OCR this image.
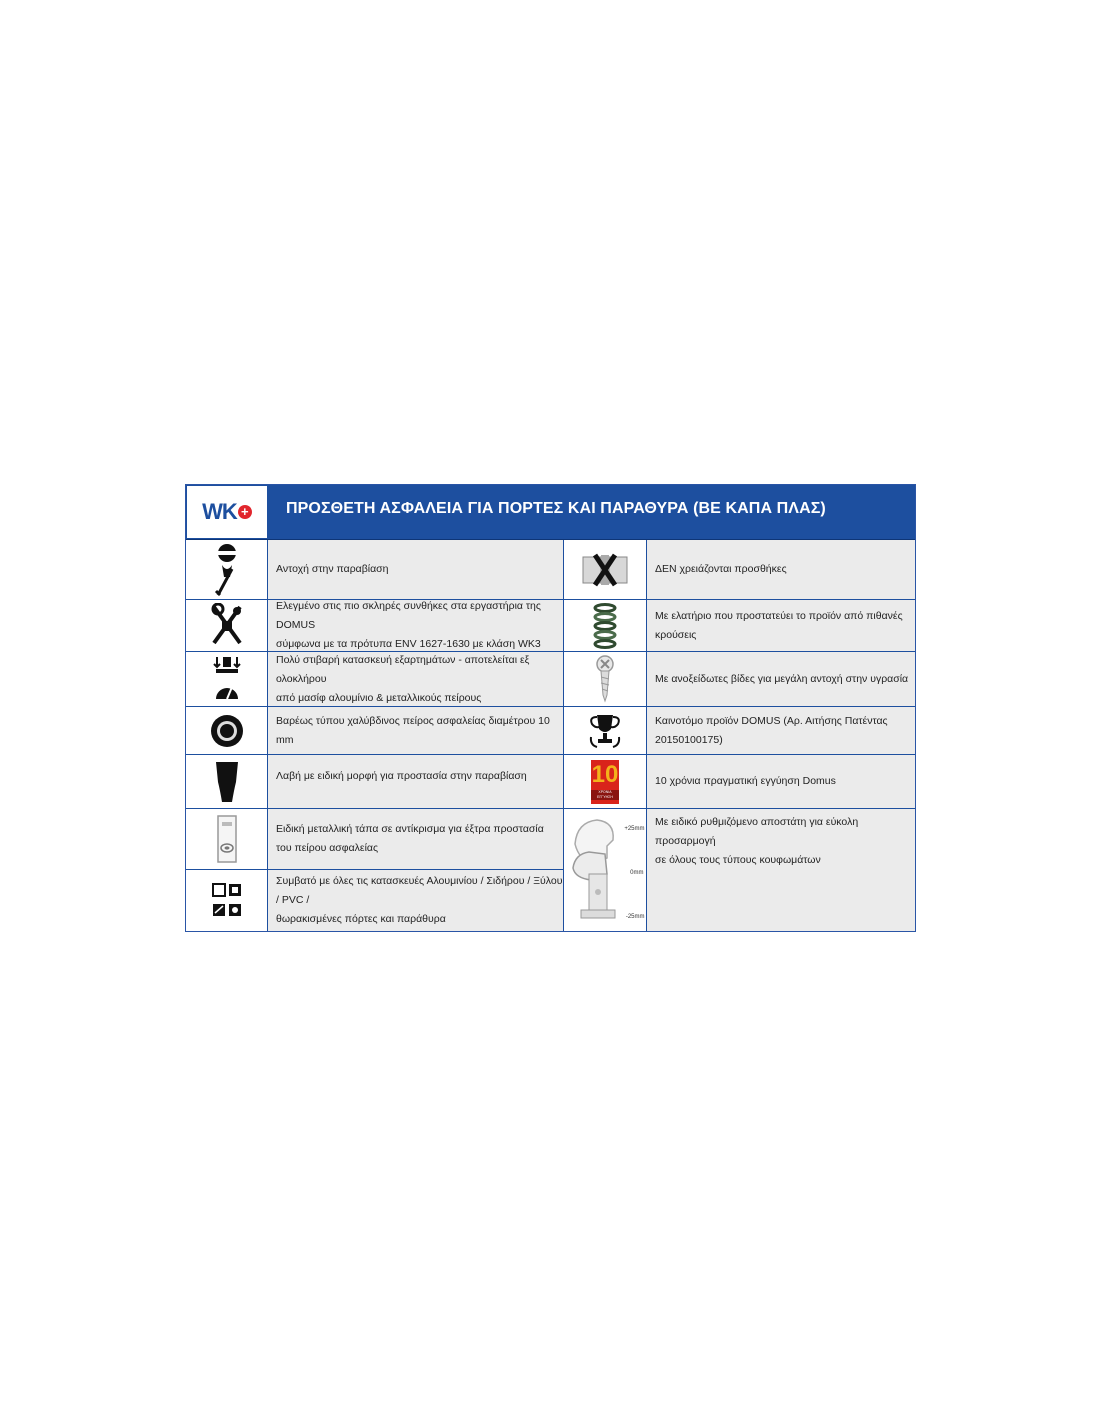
WK + ΠΡΟΣΘΕΤΗ ΑΣΦΑΛΕΙΑ ΓΙΑ ΠΟΡΤΕΣ ΚΑΙ ΠΑΡΑΘΥΡΑ (ΒΕ ΚΑΠΑ ΠΛΑΣ)
Αντοχή στην παραβίαση
Ελεγμένο στις πιο σκληρές συνθήκες στα εργαστήρια της DOMUS
σύμφωνα με τα πρότυπα ENV 1627-1630 με κλάση WK3
Πολύ στιβαρή κατασκευή εξαρτημάτων - αποτελείται εξ ολοκλήρου
από μασίφ αλουμίνιο & μεταλλικούς πείρους
Βαρέως τύπου χαλύβδινος πείρος ασφαλείας διαμέτρου 10 mm
Λαβή με ειδική μορφή για προστασία στην παραβίαση
Ειδική μεταλλική τάπα σε αντίκρισμα για έξτρα προστασία
του πείρου ασφαλείας
Συμβατό με όλες τις κατασκευές Αλουμινίου / Σιδήρου / Ξύλου / PVC /
θωρακισμένες πόρτες και παράθυρα
ΔΕΝ χρειάζονται προσθήκες
Με ελατήριο που προστατεύει το προϊόν από πιθανές κρούσεις
Με ανοξείδωτες βίδες για μεγάλη αντοχή στην υγρασία
Καινοτόμο προϊόν DOMUS (Αρ. Αιτήσης Πατέντας 20150100175)
10
ΧΡΟΝΙΑ ΕΓΓΥΗΣΗ
10 χρόνια πραγματική εγγύηση Domus
+25mm
0mm
-25mm
Με ειδικό ρυθμιζόμενο αποστάτη για εύκολη προσαρμογή
σε όλους τους τύπους κουφωμάτων
